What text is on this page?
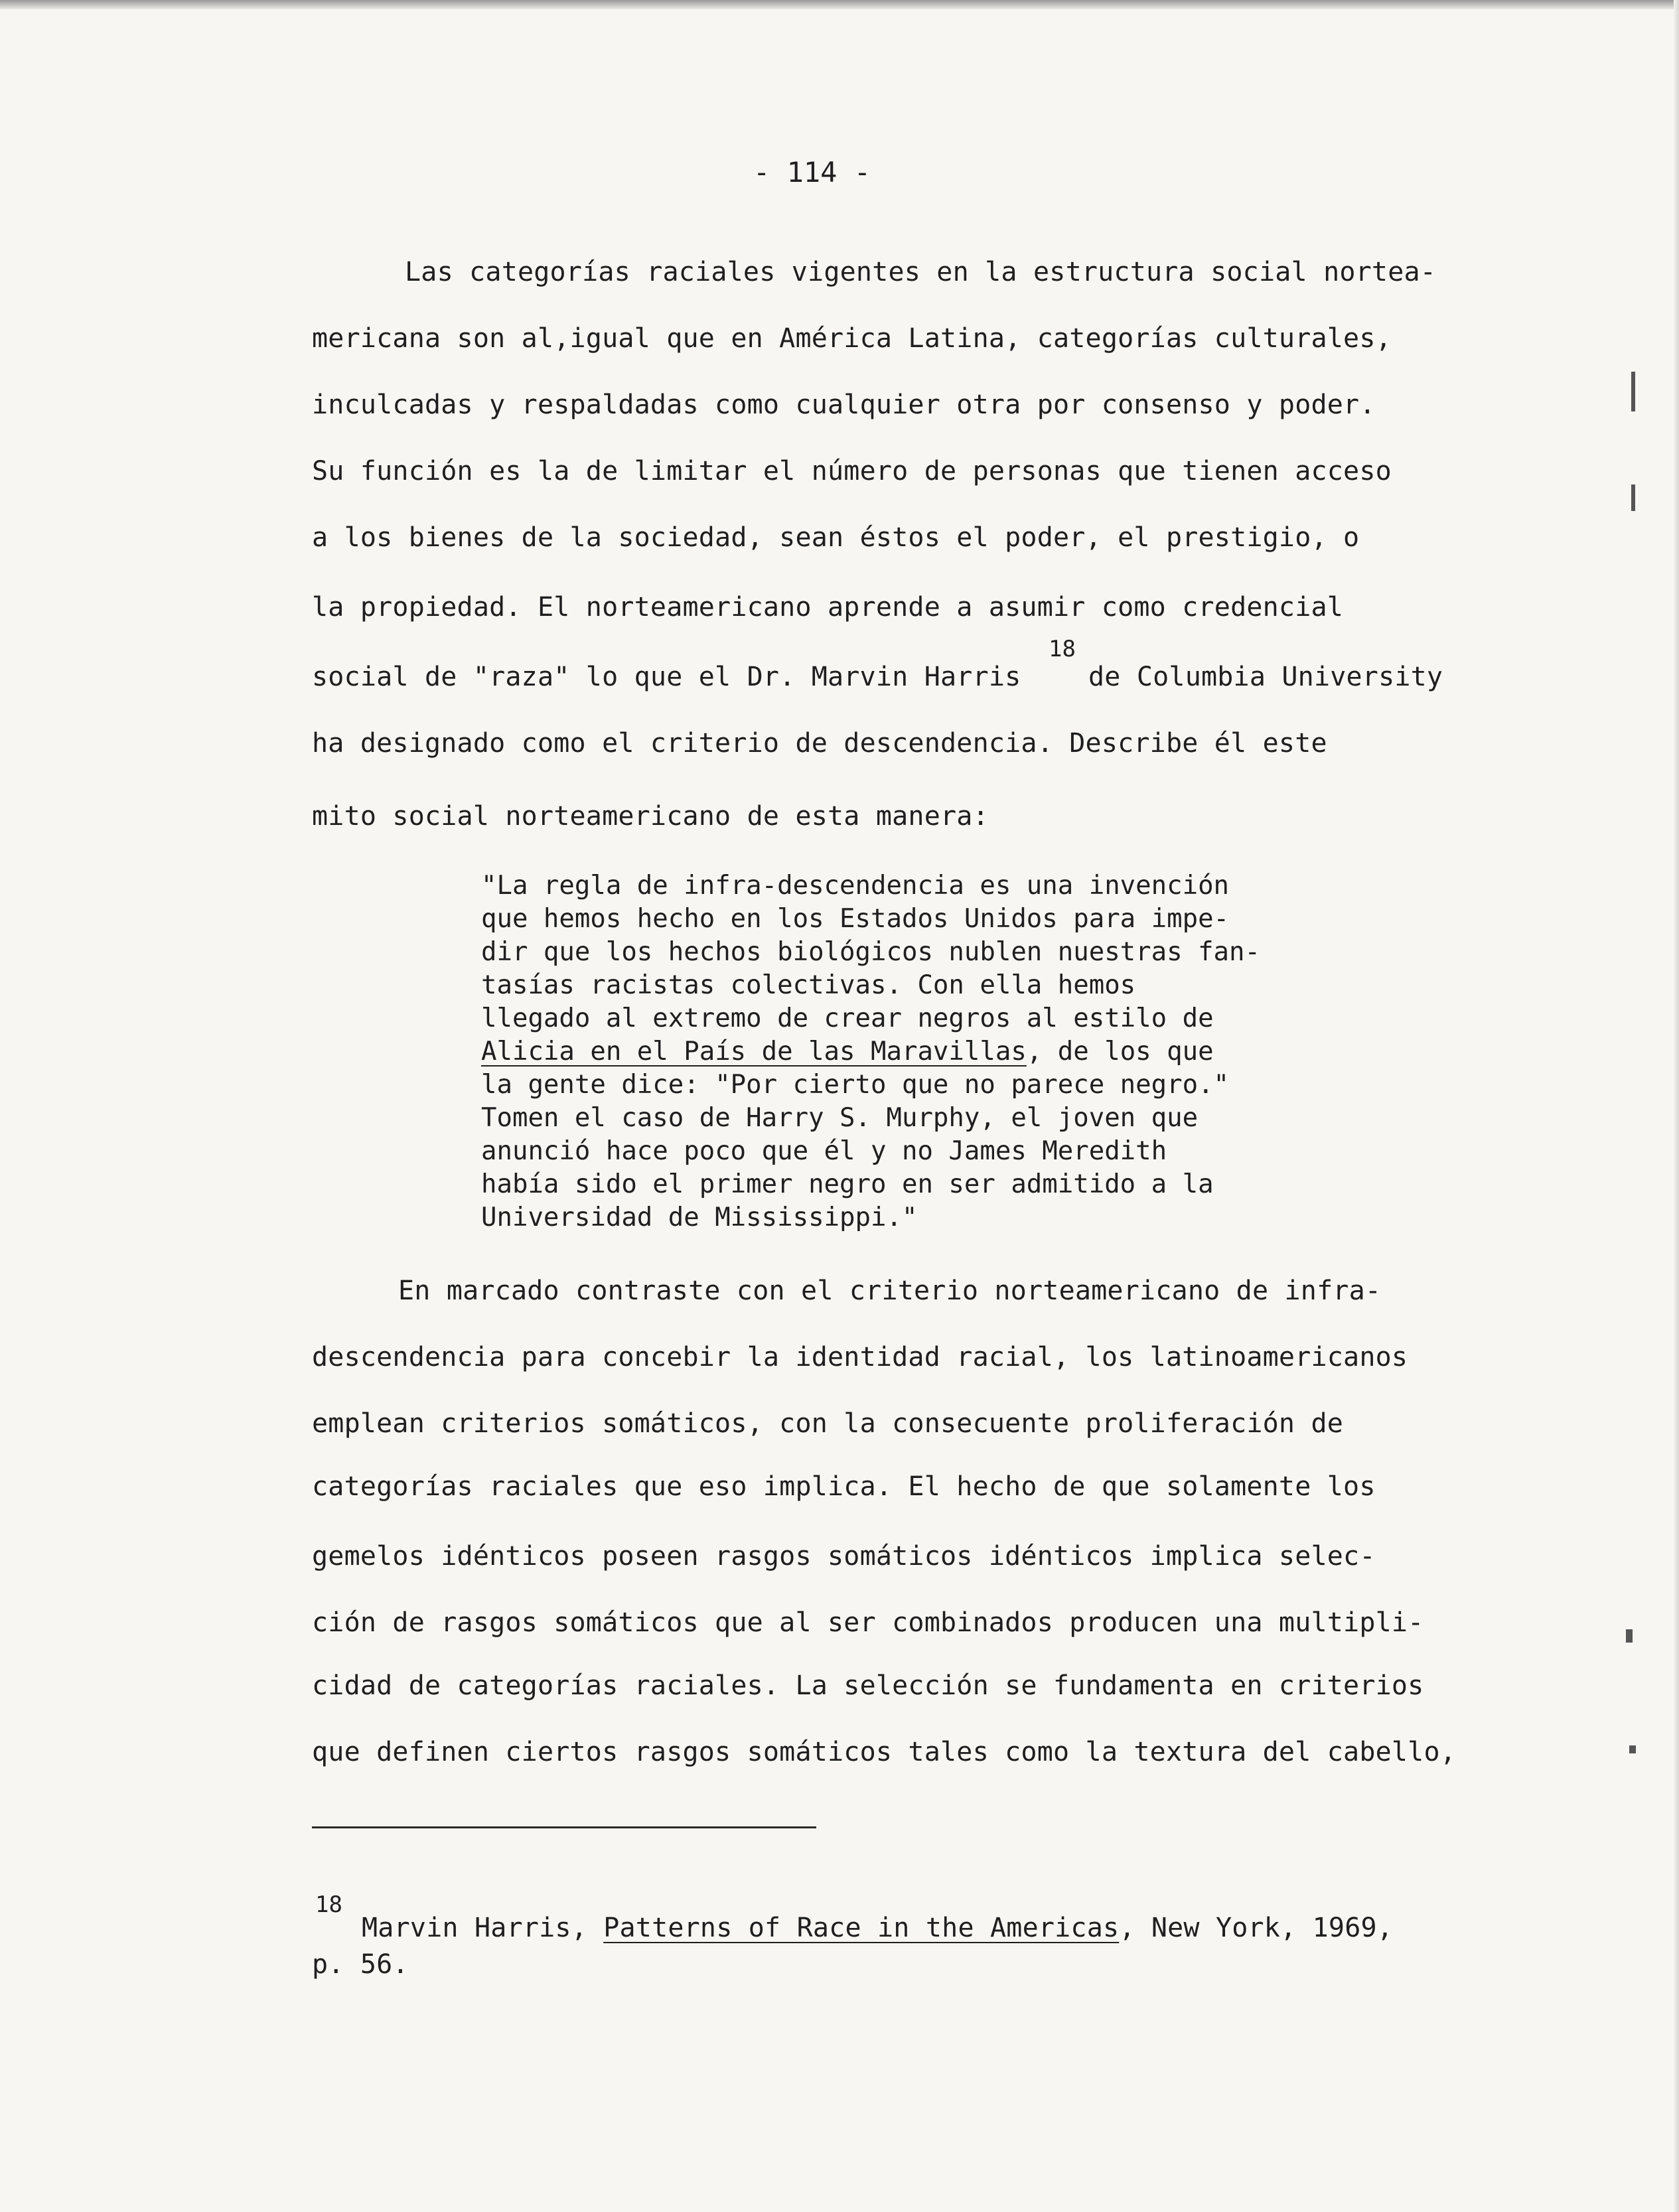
- 114 -
Las categorías raciales vigentes en la estructura social nortea-
mericana son al,igual que en América Latina, categorías culturales,
inculcadas y respaldadas como cualquier otra por consenso y poder.
Su función es la de limitar el número de personas que tienen acceso
a los bienes de la sociedad, sean éstos el poder, el prestigio, o
la propiedad. El norteamericano aprende a asumir como credencial
social de "raza" lo que el Dr. Marvin Harris
18
de Columbia University
ha designado como el criterio de descendencia. Describe él este
mito social norteamericano de esta manera:
"La regla de infra-descendencia es una invención
que hemos hecho en los Estados Unidos para impe-
dir que los hechos biológicos nublen nuestras fan-
tasías racistas colectivas. Con ella hemos
llegado al extremo de crear negros al estilo de
Alicia en el País de las Maravillas, de los que
la gente dice: "Por cierto que no parece negro."
Tomen el caso de Harry S. Murphy, el joven que
anunció hace poco que él y no James Meredith
había sido el primer negro en ser admitido a la
Universidad de Mississippi."
En marcado contraste con el criterio norteamericano de infra-
descendencia para concebir la identidad racial, los latinoamericanos
emplean criterios somáticos, con la consecuente proliferación de
categorías raciales que eso implica. El hecho de que solamente los
gemelos idénticos poseen rasgos somáticos idénticos implica selec-
ción de rasgos somáticos que al ser combinados producen una multipli-
cidad de categorías raciales. La selección se fundamenta en criterios
que definen ciertos rasgos somáticos tales como la textura del cabello,
18
Marvin Harris, Patterns of Race in the Americas, New York, 1969,
p. 56.
